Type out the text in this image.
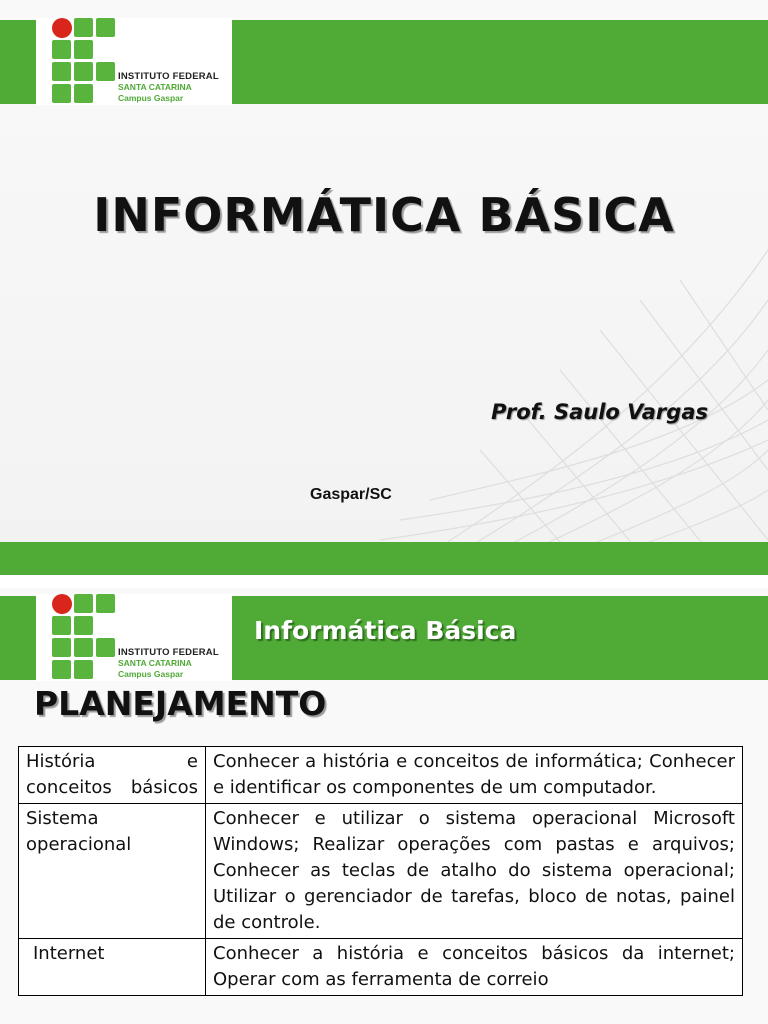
INSTITUTO FEDERAL
SANTA CATARINA
Campus Gaspar
INFORMÁTICA BÁSICA
Prof. Saulo Vargas
Gaspar/SC
INSTITUTO FEDERAL
SANTA CATARINA
Campus Gaspar
Informática Básica
PLANEJAMENTO
História e conceitos básicos	Conhecer a história e conceitos de informática; Conhecer e identificar os componentes de um computador.
Sistema operacional	Conhecer e utilizar o sistema operacional Microsoft Windows; Realizar operações com pastas e arquivos; Conhecer as teclas de atalho do sistema operacional; Utilizar o gerenciador de tarefas, bloco de notas, painel de controle.
Internet	Conhecer a história e conceitos básicos da internet; Operar com as ferramenta de correio
